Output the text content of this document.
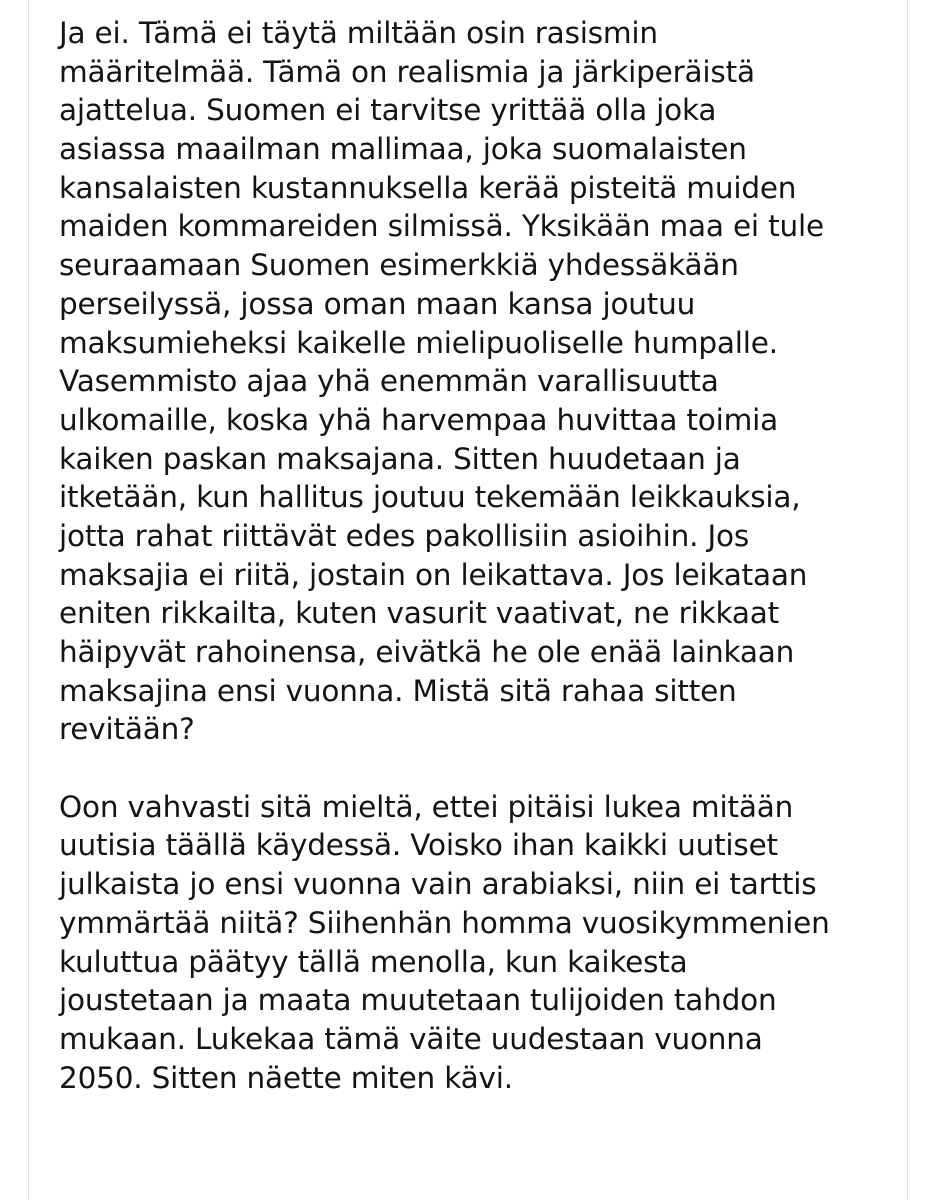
Ja ei. Tämä ei täytä miltään osin rasismin
määritelmää. Tämä on realismia ja järkiperäistä
ajattelua. Suomen ei tarvitse yrittää olla joka
asiassa maailman mallimaa, joka suomalaisten
kansalaisten kustannuksella kerää pisteitä muiden
maiden kommareiden silmissä. Yksikään maa ei tule
seuraamaan Suomen esimerkkiä yhdessäkään
perseilyssä, jossa oman maan kansa joutuu
maksumieheksi kaikelle mielipuoliselle humpalle.
Vasemmisto ajaa yhä enemmän varallisuutta
ulkomaille, koska yhä harvempaa huvittaa toimia
kaiken paskan maksajana. Sitten huudetaan ja
itketään, kun hallitus joutuu tekemään leikkauksia,
jotta rahat riittävät edes pakollisiin asioihin. Jos
maksajia ei riitä, jostain on leikattava. Jos leikataan
eniten rikkailta, kuten vasurit vaativat, ne rikkaat
häipyvät rahoinensa, eivätkä he ole enää lainkaan
maksajina ensi vuonna. Mistä sitä rahaa sitten
revitään?
Oon vahvasti sitä mieltä, ettei pitäisi lukea mitään
uutisia täällä käydessä. Voisko ihan kaikki uutiset
julkaista jo ensi vuonna vain arabiaksi, niin ei tarttis
ymmärtää niitä? Siihenhän homma vuosikymmenien
kuluttua päätyy tällä menolla, kun kaikesta
joustetaan ja maata muutetaan tulijoiden tahdon
mukaan. Lukekaa tämä väite uudestaan vuonna
2050. Sitten näette miten kävi.
